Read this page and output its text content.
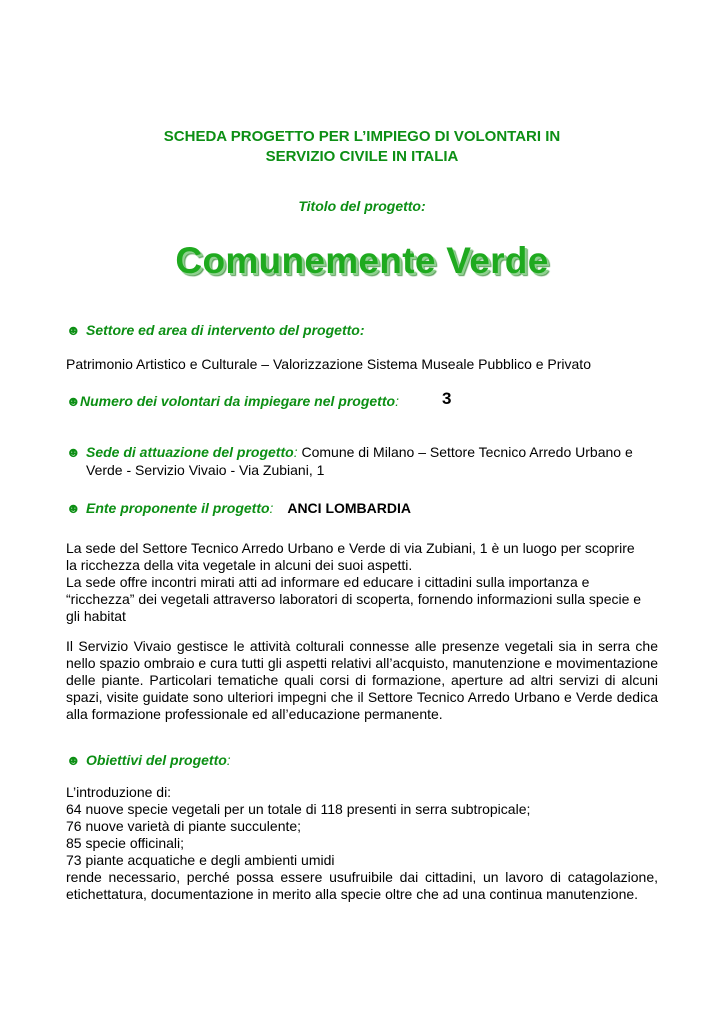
SCHEDA PROGETTO PER L’IMPIEGO DI VOLONTARI IN
SERVIZIO CIVILE IN ITALIA
Titolo del progetto:
Comunemente Verde
☻ Settore ed area di intervento del progetto:
Patrimonio Artistico e Culturale – Valorizzazione Sistema Museale Pubblico e Privato
☻Numero dei volontari da impiegare nel progetto:	3
☻ Sede di attuazione del progetto: Comune di Milano – Settore Tecnico Arredo Urbano e
Verde - Servizio Vivaio - Via Zubiani, 1
☻ Ente proponente il progetto: ANCI LOMBARDIA
La sede del Settore Tecnico Arredo Urbano e Verde di via Zubiani, 1 è un luogo per scoprire
la ricchezza della vita vegetale in alcuni dei suoi aspetti.
La sede offre incontri mirati atti ad informare ed educare i cittadini sulla importanza e
“ricchezza” dei vegetali attraverso laboratori di scoperta, fornendo informazioni sulla specie e
gli habitat
Il Servizio Vivaio gestisce le attività colturali connesse alle presenze vegetali sia in serra che nello spazio ombraio e cura tutti gli aspetti relativi all’acquisto, manutenzione e movimentazione delle piante. Particolari tematiche quali corsi di formazione, aperture ad altri servizi di alcuni spazi, visite guidate sono ulteriori impegni che il Settore Tecnico Arredo Urbano e Verde dedica alla formazione professionale ed all’educazione permanente.
☻ Obiettivi del progetto:
L’introduzione di:
64 nuove specie vegetali per un totale di 118 presenti in serra subtropicale;
76 nuove varietà di piante succulente;
85 specie officinali;
73 piante acquatiche e degli ambienti umidi
rende necessario, perché possa essere usufruibile dai cittadini, un lavoro di catagolazione, etichettatura, documentazione in merito alla specie oltre che ad una continua manutenzione.
